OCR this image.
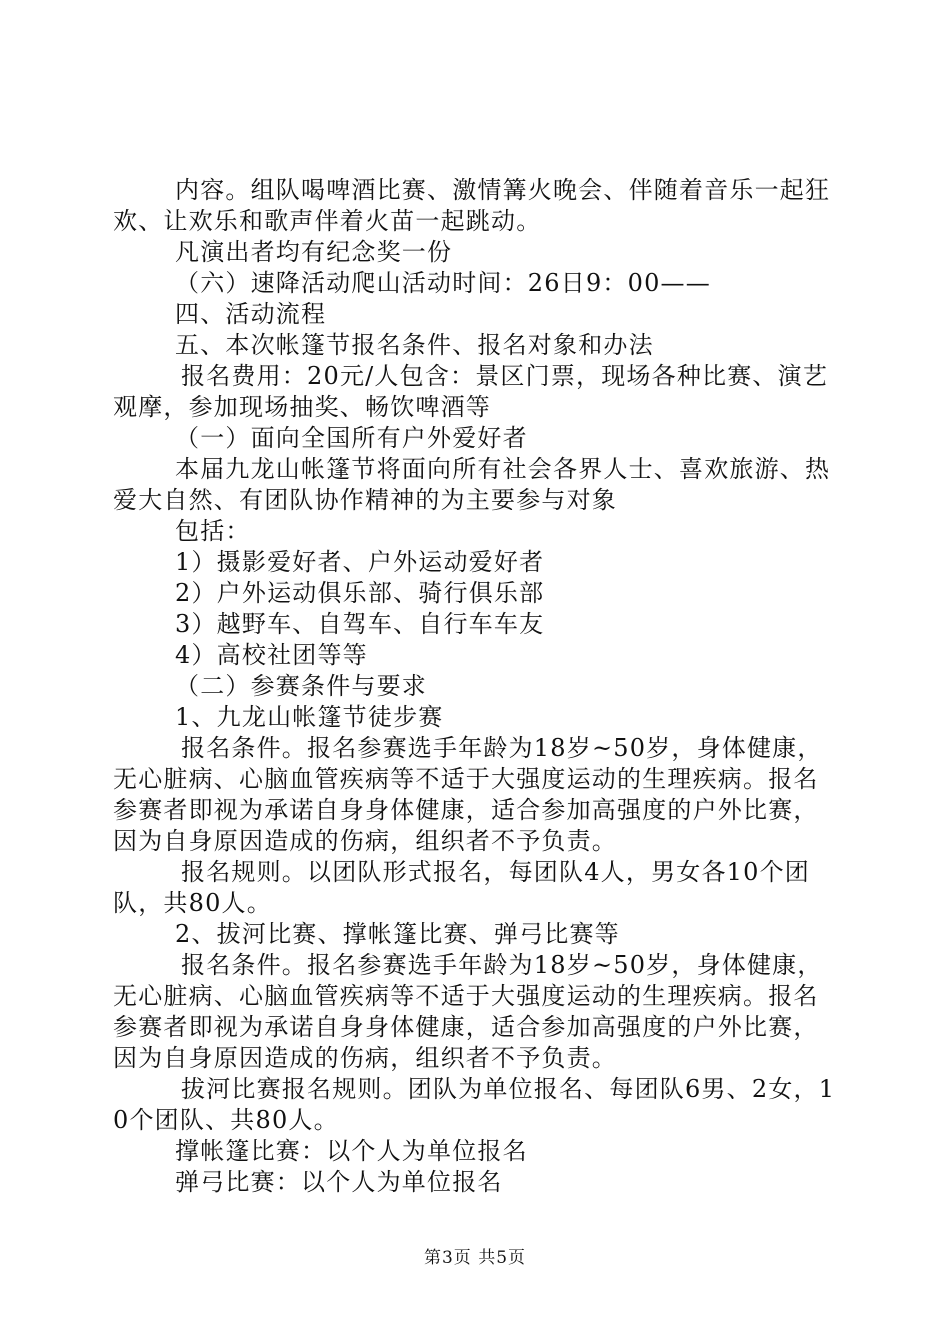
内容。组队喝啤酒比赛、激情篝火晚会、伴随着音乐一起狂欢、让欢乐和歌声伴着火苗一起跳动。

凡演出者均有纪念奖一份

（六）速降活动爬山活动时间：26日9：00——

四、活动流程

五、本次帐篷节报名条件、报名对象和办法

报名费用：20元/人包含：景区门票，现场各种比赛、演艺观摩，参加现场抽奖、畅饮啤酒等

（一）面向全国所有户外爱好者

本届九龙山帐篷节将面向所有社会各界人士、喜欢旅游、热爱大自然、有团队协作精神的为主要参与对象

包括：

1）摄影爱好者、户外运动爱好者

2）户外运动俱乐部、骑行俱乐部

3）越野车、自驾车、自行车车友

4）高校社团等等

（二）参赛条件与要求

1、九龙山帐篷节徒步赛

报名条件。报名参赛选手年龄为18岁~50岁，身体健康，无心脏病、心脑血管疾病等不适于大强度运动的生理疾病。报名参赛者即视为承诺自身身体健康，适合参加高强度的户外比赛，因为自身原因造成的伤病，组织者不予负责。

报名规则。以团队形式报名，每团队4人，男女各10个团队，共80人。

2、拔河比赛、撑帐篷比赛、弹弓比赛等

报名条件。报名参赛选手年龄为18岁~50岁，身体健康，无心脏病、心脑血管疾病等不适于大强度运动的生理疾病。报名参赛者即视为承诺自身身体健康，适合参加高强度的户外比赛，因为自身原因造成的伤病，组织者不予负责。

拔河比赛报名规则。团队为单位报名、每团队6男、2女，10个团队、共80人。

撑帐篷比赛：以个人为单位报名

弹弓比赛：以个人为单位报名

第3页 共5页
